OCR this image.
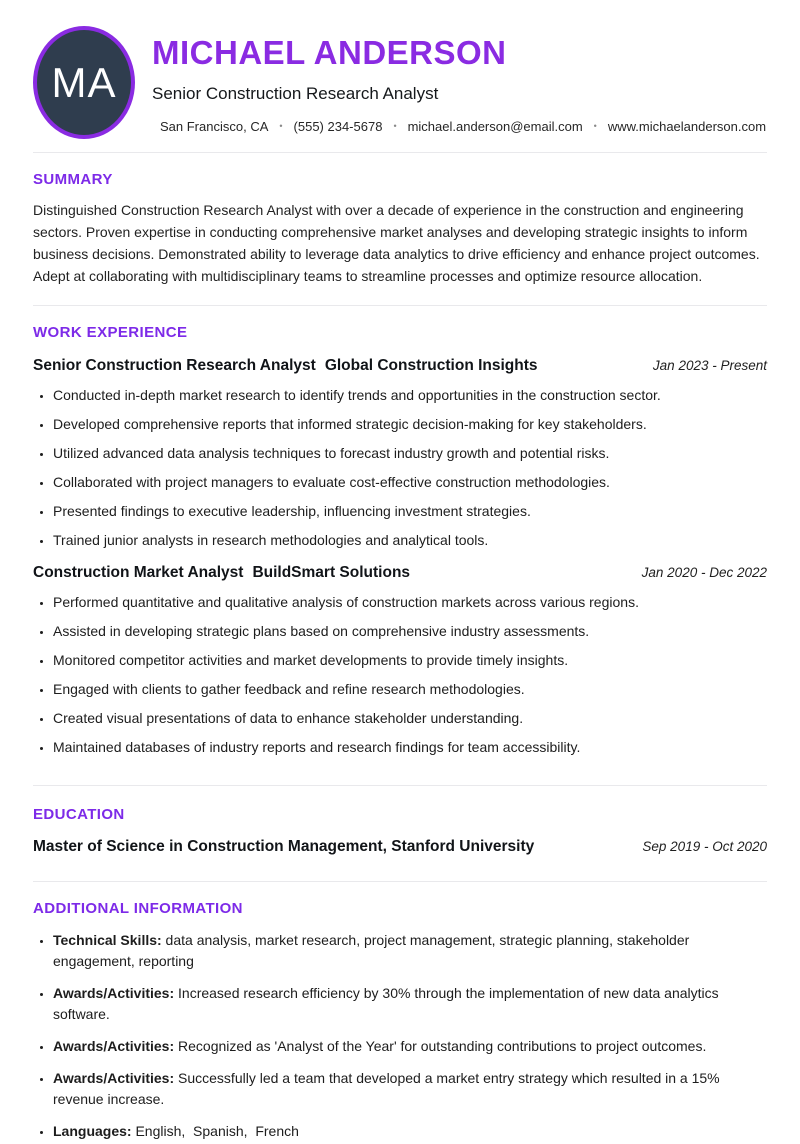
MA
MICHAEL ANDERSON
Senior Construction Research Analyst
San Francisco, CA • (555) 234-5678 • michael.anderson@email.com • www.michaelanderson.com
SUMMARY

Distinguished Construction Research Analyst with over a decade of experience in the construction and engineering sectors. Proven expertise in conducting comprehensive market analyses and developing strategic insights to inform business decisions. Demonstrated ability to leverage data analytics to drive efficiency and enhance project outcomes. Adept at collaborating with multidisciplinary teams to streamline processes and optimize resource allocation.

WORK EXPERIENCE
Senior Construction Research Analyst Global Construction Insights	Jan 2023 - Present
• Conducted in-depth market research to identify trends and opportunities in the construction sector.
• Developed comprehensive reports that informed strategic decision-making for key stakeholders.
• Utilized advanced data analysis techniques to forecast industry growth and potential risks.
• Collaborated with project managers to evaluate cost-effective construction methodologies.
• Presented findings to executive leadership, influencing investment strategies.
• Trained junior analysts in research methodologies and analytical tools.
Construction Market Analyst BuildSmart Solutions	Jan 2020 - Dec 2022
• Performed quantitative and qualitative analysis of construction markets across various regions.
• Assisted in developing strategic plans based on comprehensive industry assessments.
• Monitored competitor activities and market developments to provide timely insights.
• Engaged with clients to gather feedback and refine research methodologies.
• Created visual presentations of data to enhance stakeholder understanding.
• Maintained databases of industry reports and research findings for team accessibility.
EDUCATION
Master of Science in Construction Management, Stanford University	Sep 2019 - Oct 2020
ADDITIONAL INFORMATION
• Technical Skills: data analysis, market research, project management, strategic planning, stakeholder engagement, reporting
• Awards/Activities: Increased research efficiency by 30% through the implementation of new data analytics software.
• Awards/Activities: Recognized as 'Analyst of the Year' for outstanding contributions to project outcomes.
• Awards/Activities: Successfully led a team that developed a market entry strategy which resulted in a 15% revenue increase.
• Languages: English,  Spanish,  French
